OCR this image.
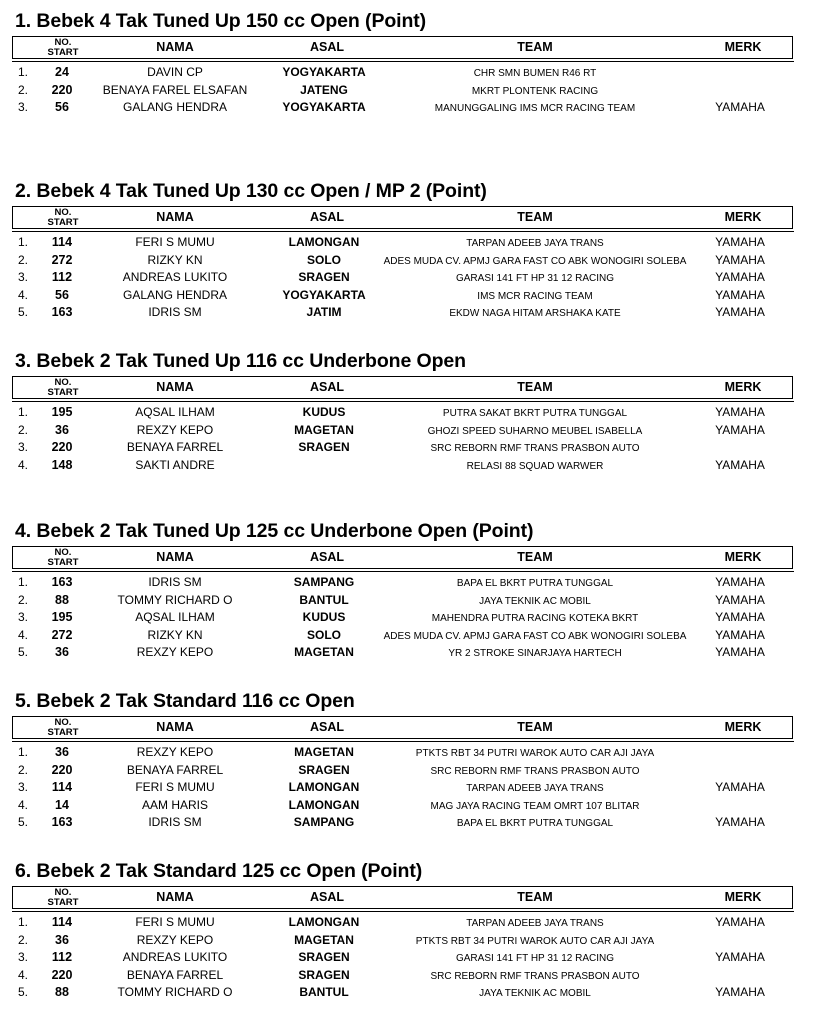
1. Bebek 4 Tak Tuned Up 150 cc Open (Point)
NO.
START	NAMA	ASAL	TEAM	MERK
1.	24	DAVIN CP	YOGYAKARTA	CHR SMN BUMEN R46 RT
2.	220	BENAYA FAREL ELSAFAN	JATENG	MKRT PLONTENK RACING
3.	56	GALANG HENDRA	YOGYAKARTA	MANUNGGALING IMS MCR RACING TEAM	YAMAHA
2. Bebek 4 Tak Tuned Up 130 cc Open / MP 2 (Point)
NO.
START	NAMA	ASAL	TEAM	MERK
1.	114	FERI S MUMU	LAMONGAN	TARPAN ADEEB JAYA TRANS	YAMAHA
2.	272	RIZKY KN	SOLO	ADES MUDA CV. APMJ GARA FAST CO ABK WONOGIRI SOLEBA	YAMAHA
3.	112	ANDREAS LUKITO	SRAGEN	GARASI 141 FT HP 31 12 RACING	YAMAHA
4.	56	GALANG HENDRA	YOGYAKARTA	IMS MCR RACING TEAM	YAMAHA
5.	163	IDRIS SM	JATIM	EKDW NAGA HITAM ARSHAKA KATE	YAMAHA
3. Bebek 2 Tak Tuned Up 116 cc Underbone Open
NO.
START	NAMA	ASAL	TEAM	MERK
1.	195	AQSAL ILHAM	KUDUS	PUTRA SAKAT BKRT PUTRA TUNGGAL	YAMAHA
2.	36	REXZY KEPO	MAGETAN	GHOZI SPEED SUHARNO MEUBEL ISABELLA	YAMAHA
3.	220	BENAYA FARREL	SRAGEN	SRC REBORN RMF TRANS PRASBON AUTO
4.	148	SAKTI ANDRE	RELASI 88 SQUAD WARWER	YAMAHA
4. Bebek 2 Tak Tuned Up 125 cc Underbone Open (Point)
NO.
START	NAMA	ASAL	TEAM	MERK
1.	163	IDRIS SM	SAMPANG	BAPA EL BKRT PUTRA TUNGGAL	YAMAHA
2.	88	TOMMY RICHARD O	BANTUL	JAYA TEKNIK AC MOBIL	YAMAHA
3.	195	AQSAL ILHAM	KUDUS	MAHENDRA PUTRA RACING KOTEKA BKRT	YAMAHA
4.	272	RIZKY KN	SOLO	ADES MUDA CV. APMJ GARA FAST CO ABK WONOGIRI SOLEBA	YAMAHA
5.	36	REXZY KEPO	MAGETAN	YR 2 STROKE SINARJAYA HARTECH	YAMAHA
5. Bebek 2 Tak Standard 116 cc Open
NO.
START	NAMA	ASAL	TEAM	MERK
1.	36	REXZY KEPO	MAGETAN	PTKTS RBT 34 PUTRI WAROK AUTO CAR AJI JAYA
2.	220	BENAYA FARREL	SRAGEN	SRC REBORN RMF TRANS PRASBON AUTO
3.	114	FERI S MUMU	LAMONGAN	TARPAN ADEEB JAYA TRANS	YAMAHA
4.	14	AAM HARIS	LAMONGAN	MAG JAYA RACING TEAM OMRT 107 BLITAR
5.	163	IDRIS SM	SAMPANG	BAPA EL BKRT PUTRA TUNGGAL	YAMAHA
6. Bebek 2 Tak Standard 125 cc Open (Point)
NO.
START	NAMA	ASAL	TEAM	MERK
1.	114	FERI S MUMU	LAMONGAN	TARPAN ADEEB JAYA TRANS	YAMAHA
2.	36	REXZY KEPO	MAGETAN	PTKTS RBT 34 PUTRI WAROK AUTO CAR AJI JAYA
3.	112	ANDREAS LUKITO	SRAGEN	GARASI 141 FT HP 31 12 RACING	YAMAHA
4.	220	BENAYA FARREL	SRAGEN	SRC REBORN RMF TRANS PRASBON AUTO
5.	88	TOMMY RICHARD O	BANTUL	JAYA TEKNIK AC MOBIL	YAMAHA
